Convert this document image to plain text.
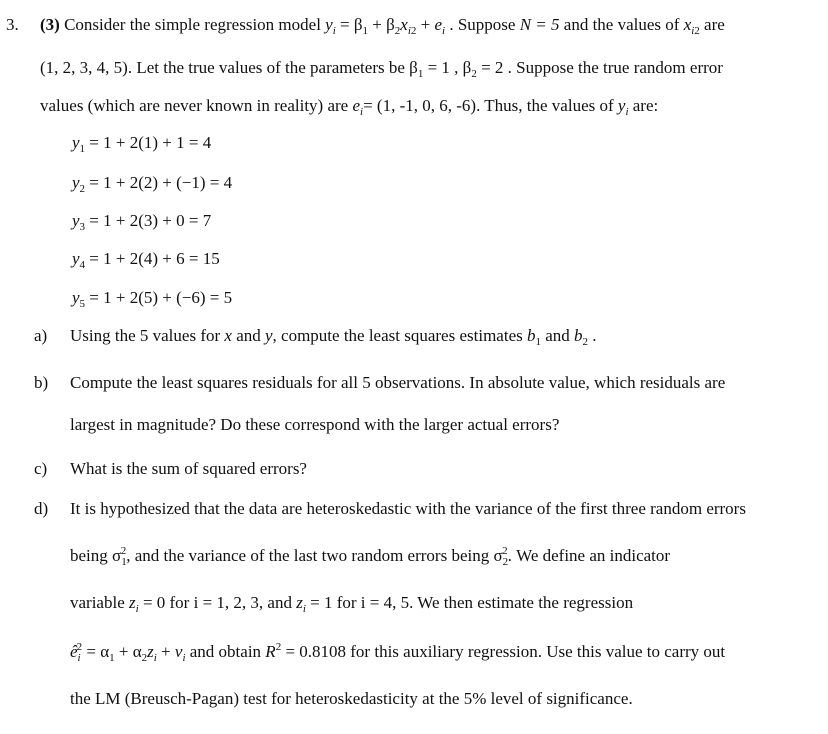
3. (3) Consider the simple regression model $y_i = \beta_1 + \beta_2x_{i2} + e_i$ . Suppose N = 5 and the values of $x_{i2}$ are
(1, 2, 3, 4, 5). Let the true values of the parameters be $\beta_1 = 1$ , $\beta_2 = 2$ . Suppose the true random error
values (which are never known in reality) are $e_i= (1$, -1, 0, 6, -6). Thus, the values of $y_i$ are:
$y_1 = 1 + 2(1) + 1 = 4$
$y_2 = 1 + 2(2) + (-1) = 4$
$y_3 = 1 + 2(3) + 0 = 7$
$y_4 = 1 + 2(4) + 6 = 15$
$y_5 = 1 + 2(5) + (-6) = 5$
a) Using the 5 values for x and y, compute the least squares estimates $b_1$ and $b_2$ .
b) Compute the least squares residuals for all 5 observations. In absolute value, which residuals are
largest in magnitude? Do these correspond with the larger actual errors?
c) What is the sum of squared errors?
d) It is hypothesized that the data are heteroskedastic with the variance of the first three random errors
being $\sigma_1^2$, and the variance of the last two random errors being $\sigma_2^2$. We define an indicator
variable $z_i = 0$ for i = 1, 2, 3, and $z_i = 1$ for i = 4, 5. We then estimate the regression
$ê_i^2 = \alpha_1 + \alpha_2z_i + v_i$ and obtain $R^2 = 0.8108$ for this auxiliary regression. Use this value to carry out
the LM (Breusch-Pagan) test for heteroskedasticity at the 5% level of significance.
